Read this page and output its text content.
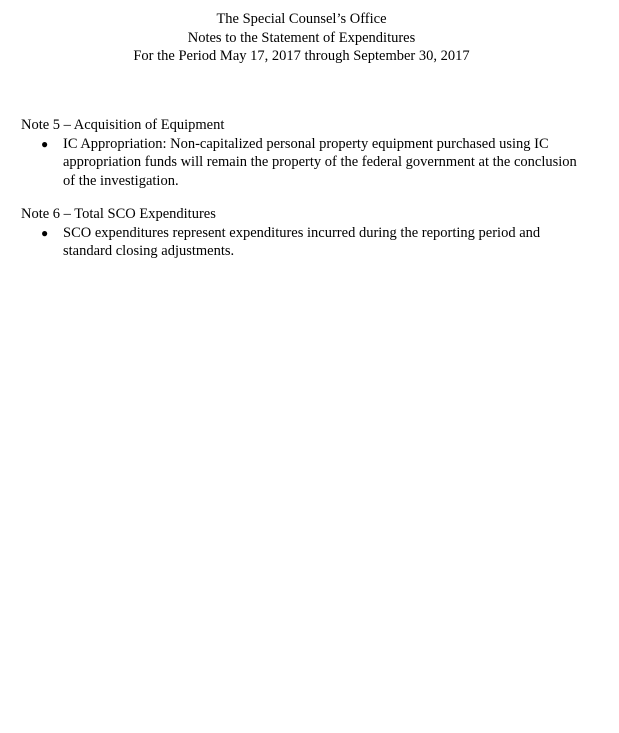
The Special Counsel’s Office
Notes to the Statement of Expenditures
For the Period May 17, 2017 through September 30, 2017
Note 5 – Acquisition of Equipment
● IC Appropriation: Non-capitalized personal property equipment purchased using IC
appropriation funds will remain the property of the federal government at the conclusion
of the investigation.
Note 6 – Total SCO Expenditures
● SCO expenditures represent expenditures incurred during the reporting period and
standard closing adjustments.
